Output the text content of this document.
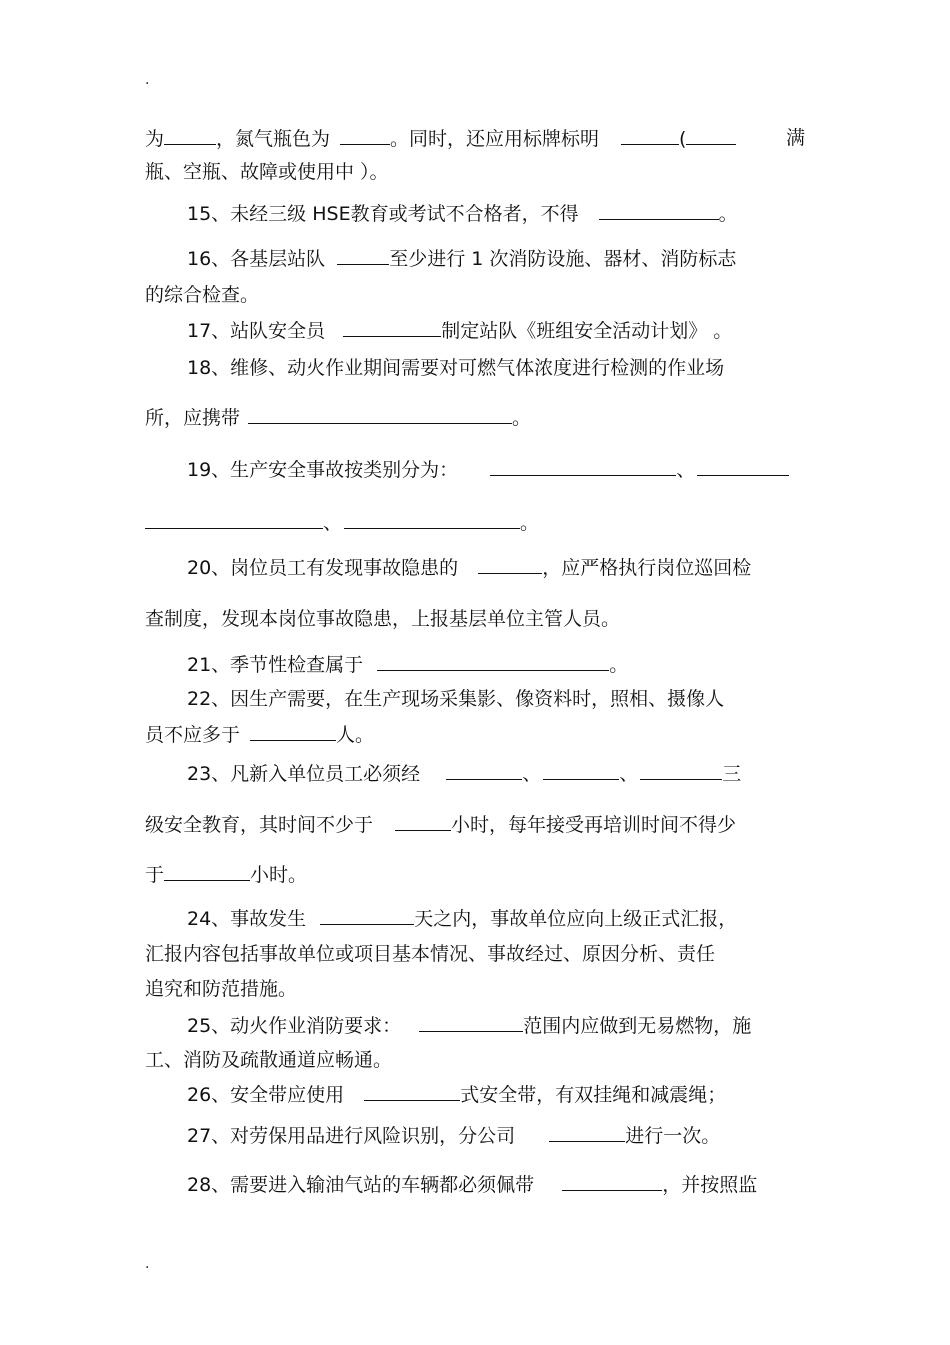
.
为	，氮气瓶色为	。同时，还应用标牌标明	(	满
瓶、空瓶、故障或使用中 ）。
15、未经三级 HSE教育或考试不合格者，不得	。
16、各基层站队	至少进行 1 次消防设施、器材、消防标志
的综合检查。
17、站队安全员	制定站队《班组安全活动计划》 。
18、维修、动火作业期间需要对可燃气体浓度进行检测的作业场
所，应携带	。
19、生产安全事故按类别分为：	、
、	。
20、岗位员工有发现事故隐患的	，应严格执行岗位巡回检
查制度，发现本岗位事故隐患，上报基层单位主管人员。
21、季节性检查属于	。
22、因生产需要，在生产现场采集影、像资料时，照相、摄像人
员不应多于	人。
23、凡新入单位员工必须经	、	、	三
级安全教育，其时间不少于	小时，每年接受再培训时间不得少
于	小时。
24、事故发生	天之内，事故单位应向上级正式汇报，
汇报内容包括事故单位或项目基本情况、事故经过、原因分析、责任
追究和防范措施。
25、动火作业消防要求：	范围内应做到无易燃物，施
工、消防及疏散通道应畅通。
26、安全带应使用	式安全带，有双挂绳和减震绳；
27、对劳保用品进行风险识别，分公司	进行一次。
28、需要进入输油气站的车辆都必须佩带	，并按照监
.
